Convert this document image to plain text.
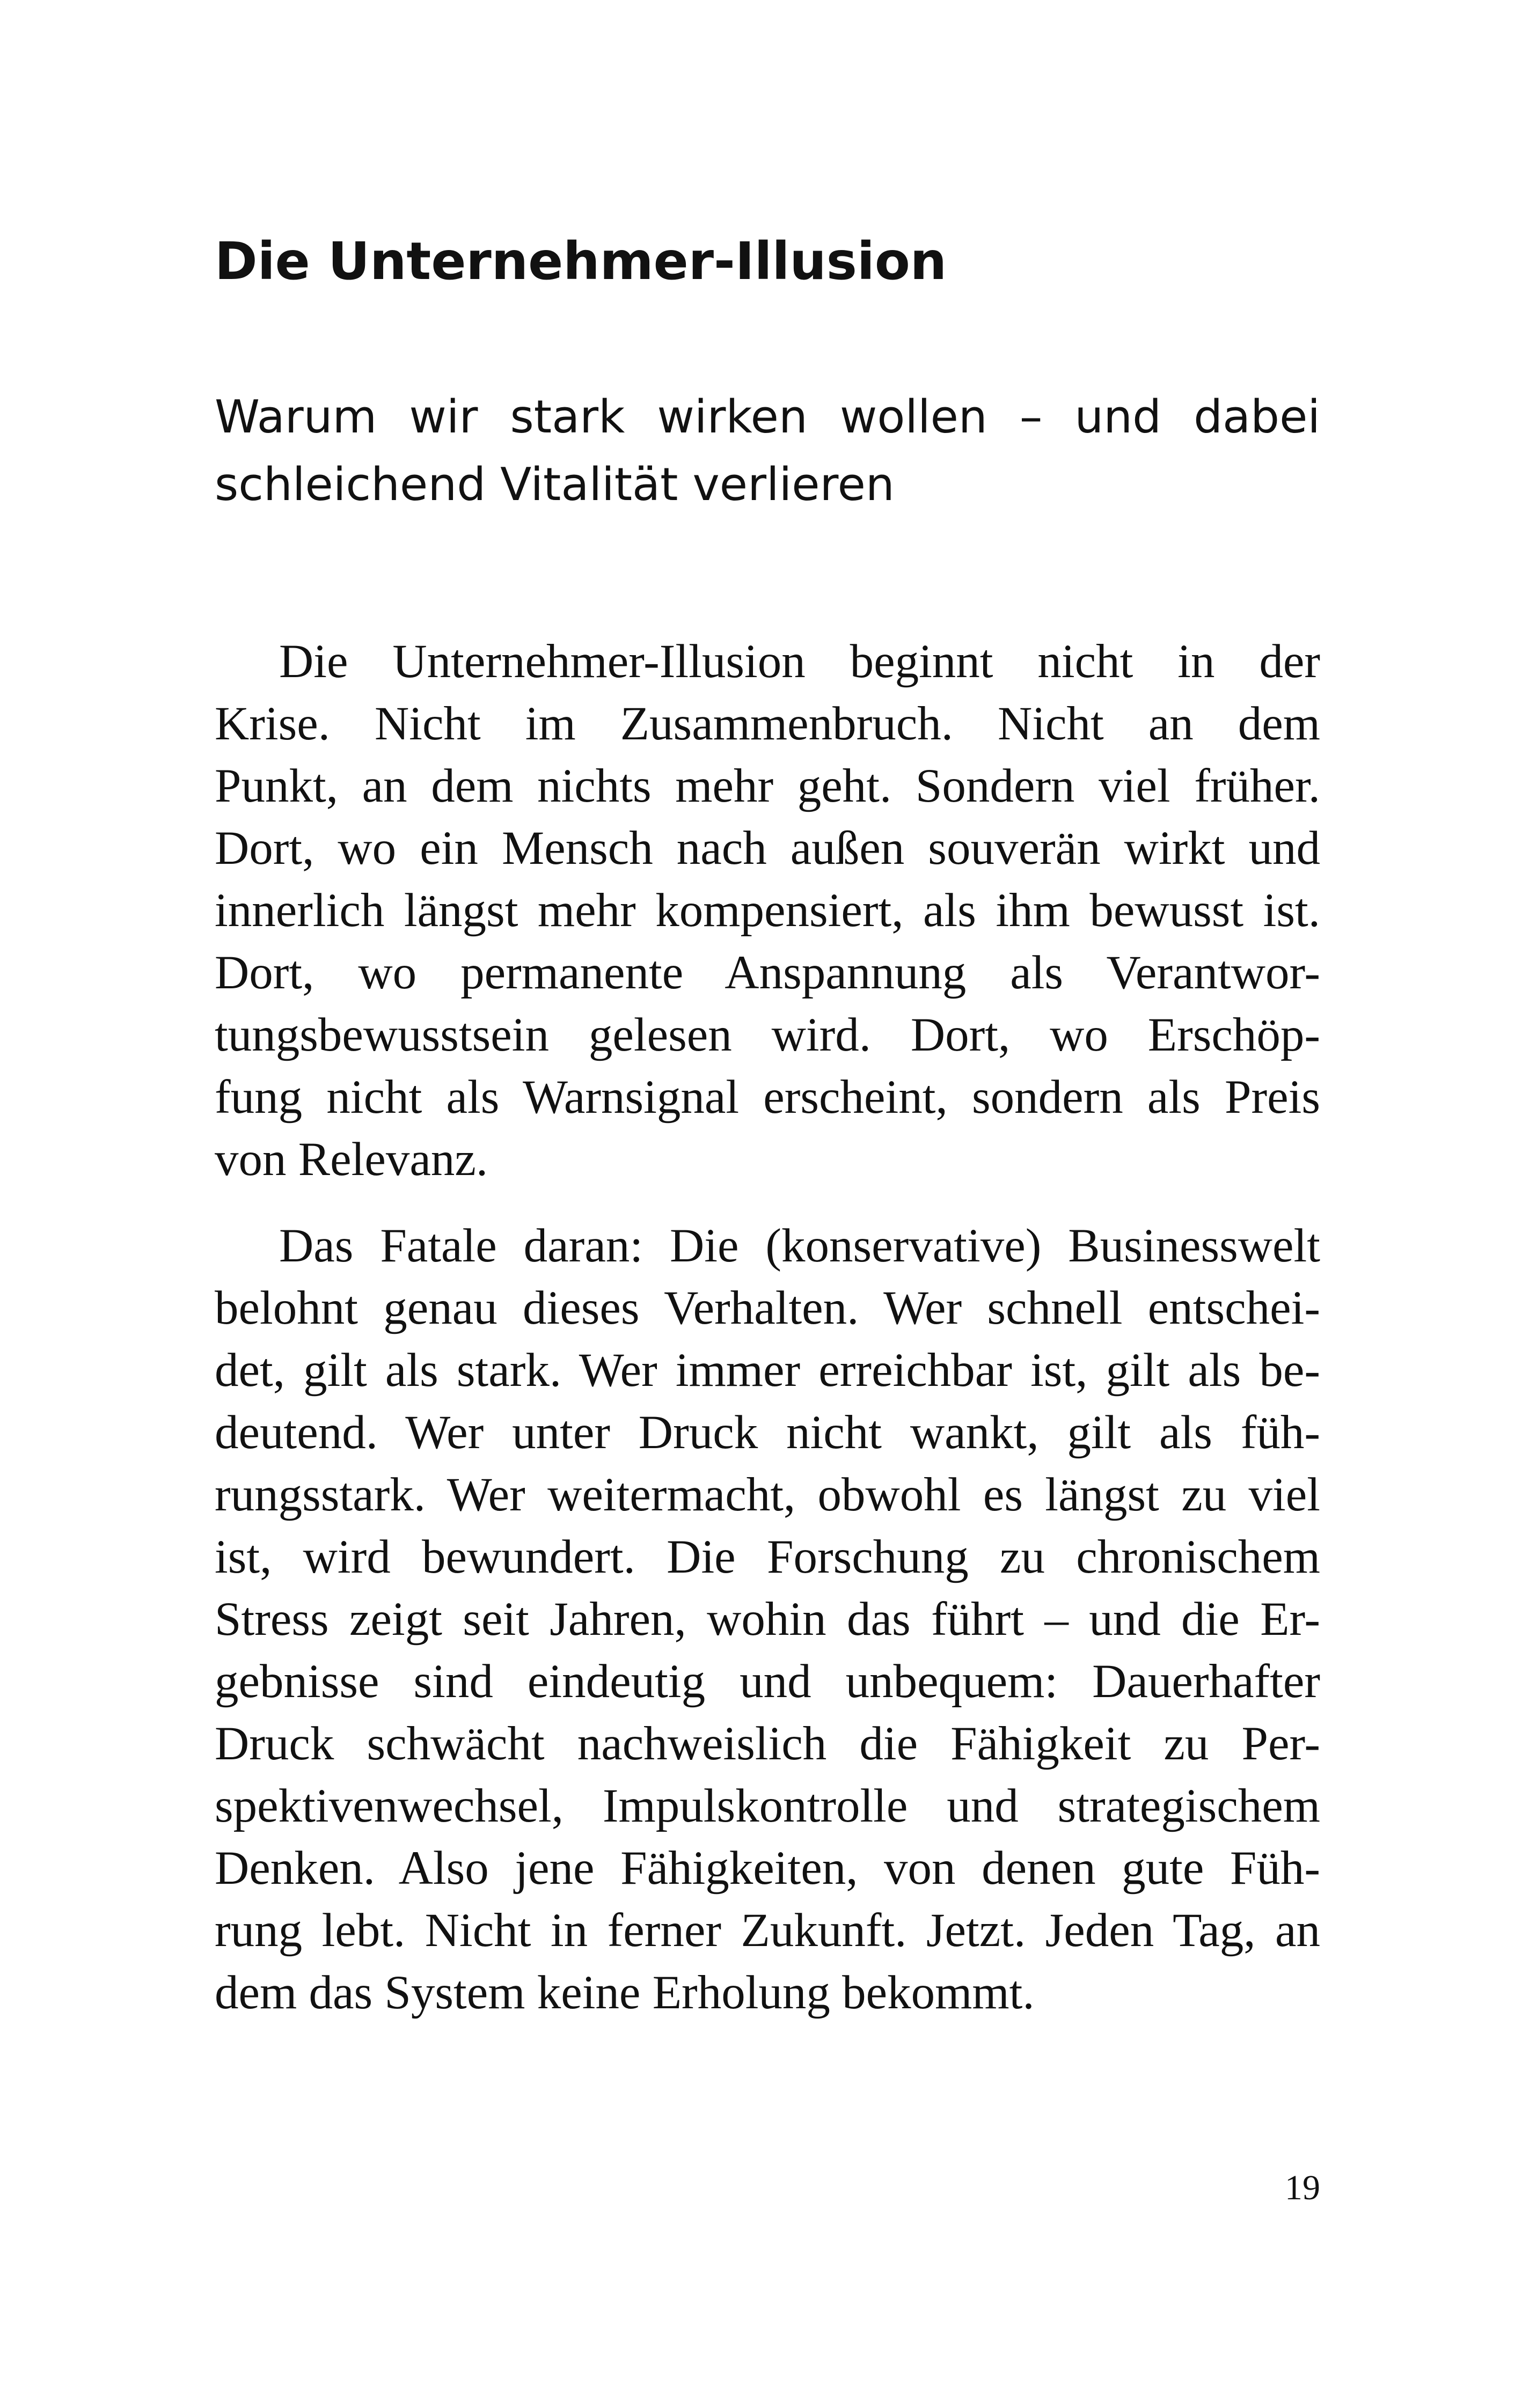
Die Unternehmer-Illusion
Warum wir stark wirken wollen – und dabei
schleichend Vitalität verlieren

Die Unternehmer-Illusion beginnt nicht in der
Krise. Nicht im Zusammenbruch. Nicht an dem
Punkt, an dem nichts mehr geht. Sondern viel früher.
Dort, wo ein Mensch nach außen souverän wirkt und
innerlich längst mehr kompensiert, als ihm bewusst ist.
Dort, wo permanente Anspannung als Verantwor-
tungsbewusstsein gelesen wird. Dort, wo Erschöp-
fung nicht als Warnsignal erscheint, sondern als Preis
von Relevanz.

Das Fatale daran: Die (konservative) Businesswelt
belohnt genau dieses Verhalten. Wer schnell entschei-
det, gilt als stark. Wer immer erreichbar ist, gilt als be-
deutend. Wer unter Druck nicht wankt, gilt als füh-
rungsstark. Wer weitermacht, obwohl es längst zu viel
ist, wird bewundert. Die Forschung zu chronischem
Stress zeigt seit Jahren, wohin das führt – und die Er-
gebnisse sind eindeutig und unbequem: Dauerhafter
Druck schwächt nachweislich die Fähigkeit zu Per-
spektivenwechsel, Impulskontrolle und strategischem
Denken. Also jene Fähigkeiten, von denen gute Füh-
rung lebt. Nicht in ferner Zukunft. Jetzt. Jeden Tag, an
dem das System keine Erholung bekommt.

19
